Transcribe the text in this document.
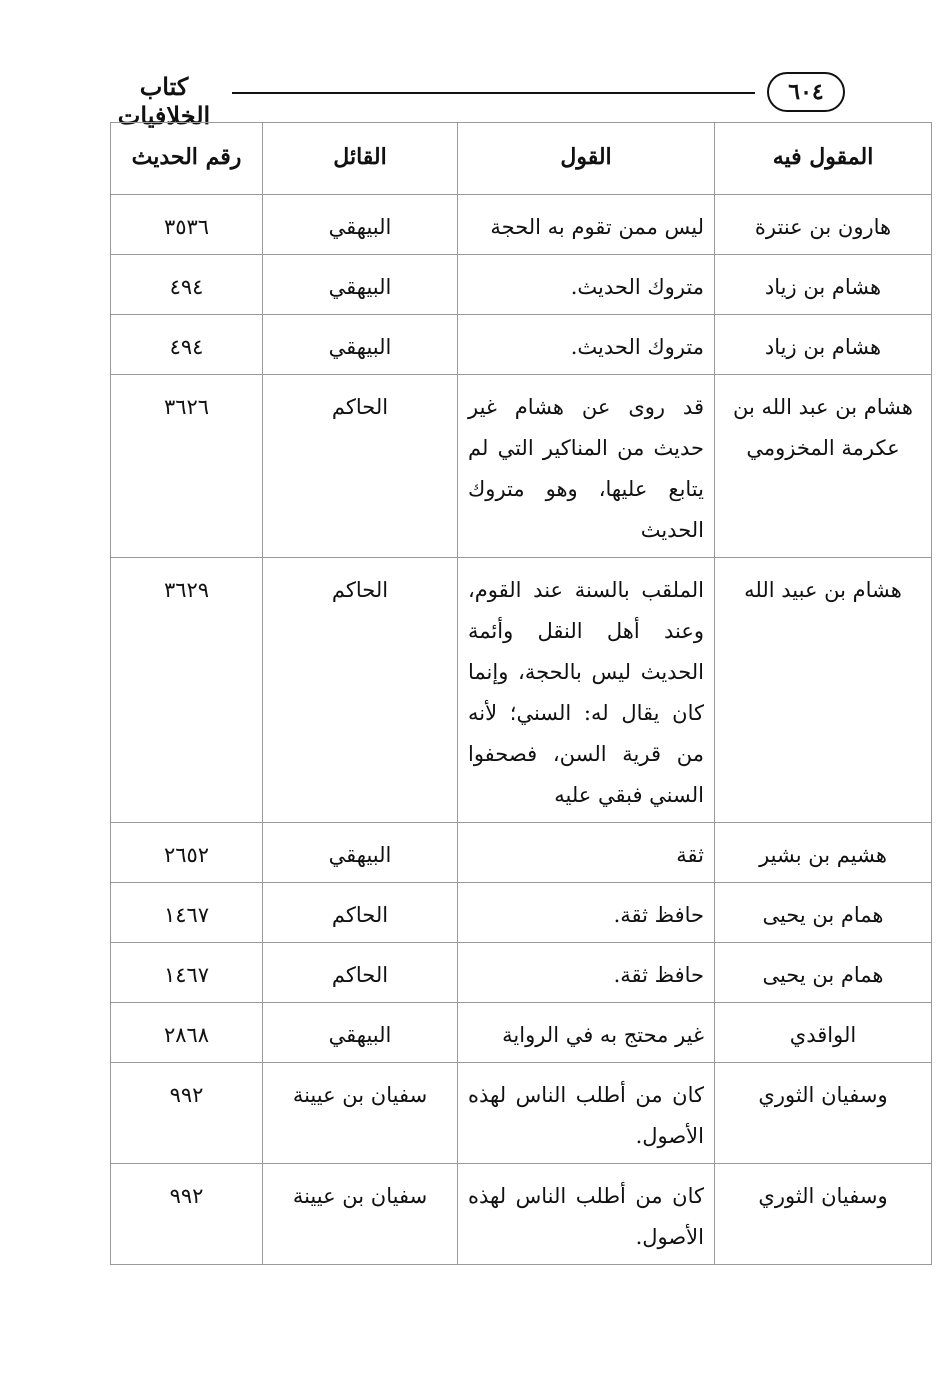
كتاب الخلافيات
٦٠٤
المقول فيه	القول	القائل	رقم الحديث
هارون بن عنترة	ليس ممن تقوم به الحجة	البيهقي	٣٥٣٦
هشام بن زياد	متروك الحديث.	البيهقي	٤٩٤
هشام بن زياد	متروك الحديث.	البيهقي	٤٩٤
هشام بن عبد الله بن عكرمة المخزومي	قد روى عن هشام غير حديث من المناكير التي لم يتابع عليها، وهو متروك الحديث	الحاكم	٣٦٢٦
هشام بن عبيد الله	الملقب بالسنة عند القوم، وعند أهل النقل وأئمة الحديث ليس بالحجة، وإنما كان يقال له: السني؛ لأنه من قرية السن، فصحفوا السني فبقي عليه	الحاكم	٣٦٢٩
هشيم بن بشير	ثقة	البيهقي	٢٦٥٢
همام بن يحيى	حافظ ثقة.	الحاكم	١٤٦٧
همام بن يحيى	حافظ ثقة.	الحاكم	١٤٦٧
الواقدي	غير محتج به في الرواية	البيهقي	٢٨٦٨
وسفيان الثوري	كان من أطلب الناس لهذه الأصول.	سفيان بن عيينة	٩٩٢
وسفيان الثوري	كان من أطلب الناس لهذه الأصول.	سفيان بن عيينة	٩٩٢
